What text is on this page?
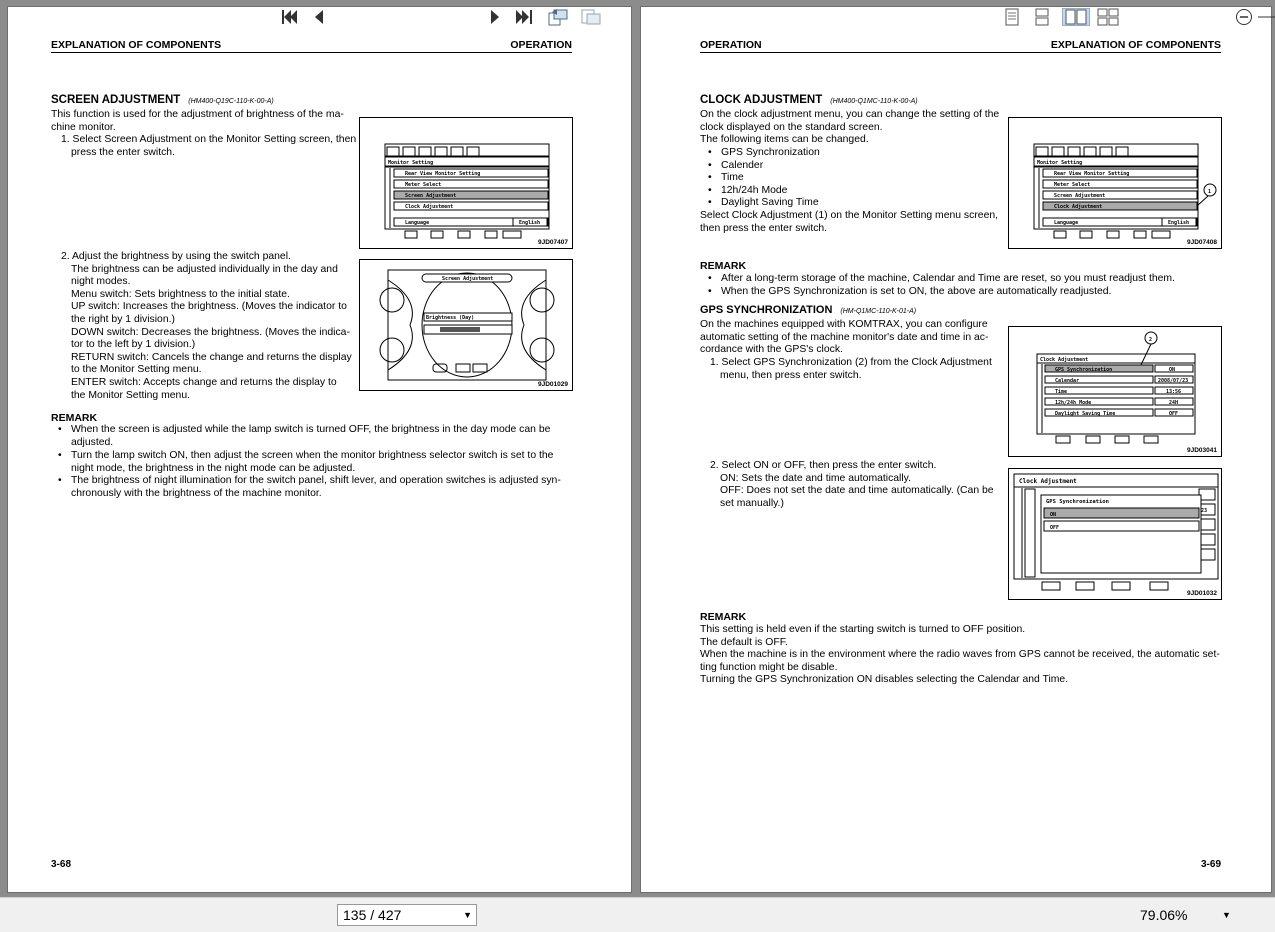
EXPLANATION OF COMPONENTS	OPERATION
SCREEN ADJUSTMENT (HM400-Q19C-110-K-00-A)
This function is used for the adjustment of brightness of the ma-
chine monitor.
1. Select Screen Adjustment on the Monitor Setting screen, then
press the enter switch.
Monitor Setting
Rear View Monitor Setting
Meter Select
Screen Adjustment
Clock Adjustment
Language	English
9JD07407
2. Adjust the brightness by using the switch panel.
The brightness can be adjusted individually in the day and
night modes.
Menu switch: Sets brightness to the initial state.
UP switch: Increases the brightness. (Moves the indicator to
the right by 1 division.)
DOWN switch: Decreases the brightness. (Moves the indica-
tor to the left by 1 division.)
RETURN switch: Cancels the change and returns the display
to the Monitor Setting menu.
ENTER switch: Accepts change and returns the display to
the Monitor Setting menu.
Screen Adjustment
Brightness (Day)
9JD01029
REMARK
• When the screen is adjusted while the lamp switch is turned OFF, the brightness in the day mode can be
adjusted.
• Turn the lamp switch ON, then adjust the screen when the monitor brightness selector switch is set to the
night mode, the brightness in the night mode can be adjusted.
• The brightness of night illumination for the switch panel, shift lever, and operation switches is adjusted syn-
chronously with the brightness of the machine monitor.
3-68
OPERATION	EXPLANATION OF COMPONENTS
CLOCK ADJUSTMENT (HM400-Q1MC-110-K-00-A)
On the clock adjustment menu, you can change the setting of the
clock displayed on the standard screen.
The following items can be changed.
• GPS Synchronization
• Calender
• Time
• 12h/24h Mode
• Daylight Saving Time
Select Clock Adjustment (1) on the Monitor Setting menu screen,
then press the enter switch.
Monitor Setting
Rear View Monitor Setting
Meter Select
Screen Adjustment
Clock Adjustment
Language	English
1
9JD07408
REMARK
• After a long-term storage of the machine, Calendar and Time are reset, so you must readjust them.
• When the GPS Synchronization is set to ON, the above are automatically readjusted.
GPS SYNCHRONIZATION (HM-Q1MC-110-K-01-A)
On the machines equipped with KOMTRAX, you can configure
automatic setting of the machine monitor's date and time in ac-
cordance with the GPS's clock.
1. Select GPS Synchronization (2) from the Clock Adjustment
menu, then press enter switch.
2
Clock Adjustment
GPS Synchronization	ON
Calendar	2008/07/23
Time	13:56
12h/24h Mode	24H
Daylight Saving Time	OFF
9JD03041
2. Select ON or OFF, then press the enter switch.
ON: Sets the date and time automatically.
OFF: Does not set the date and time automatically. (Can be
set manually.)
Clock Adjustment
23
GPS Synchronization
ON
OFF
9JD01032
REMARK
This setting is held even if the starting switch is turned to OFF position.
The default is OFF.
When the machine is in the environment where the radio waves from GPS cannot be received, the automatic set-
ting function might be disable.
Turning the GPS Synchronization ON disables selecting the Calendar and Time.
3-69
135 / 427	▼	79.06%	▼
